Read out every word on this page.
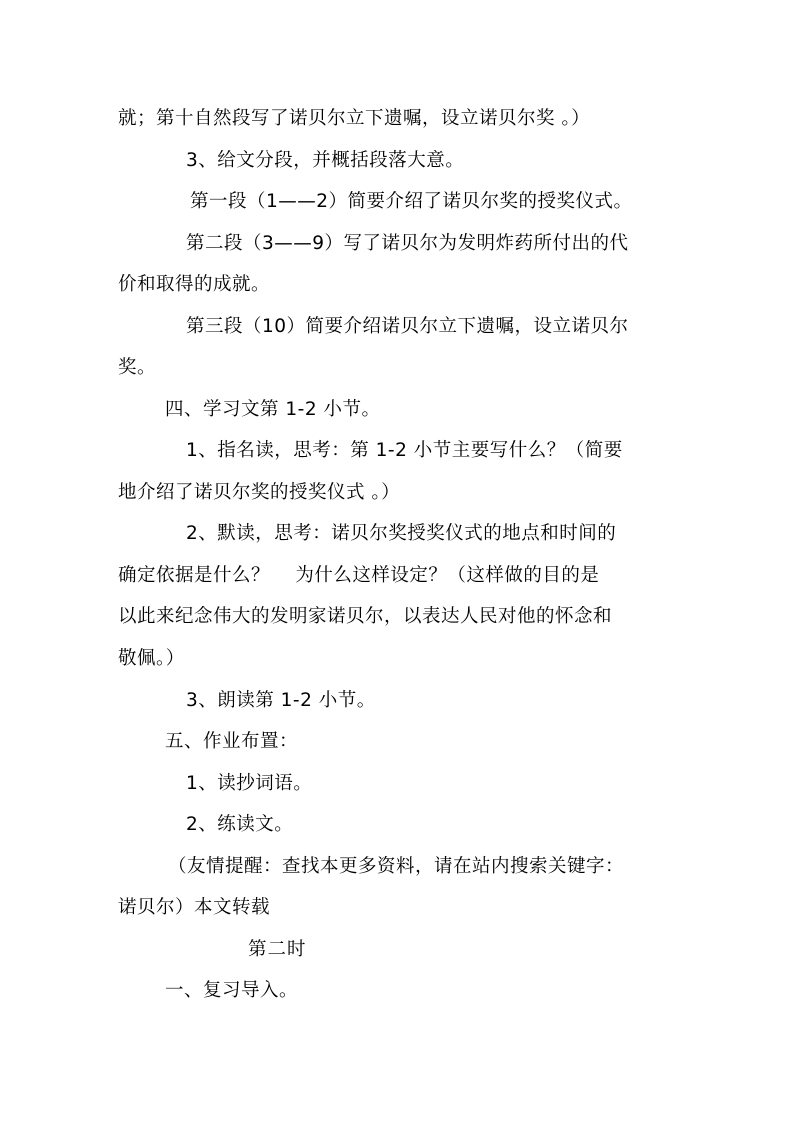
就；第十自然段写了诺贝尔立下遗嘱，设立诺贝尔奖 。）
3、给文分段，并概括段落大意。
第一段（1——2）简要介绍了诺贝尔奖的授奖仪式。
第二段（3——9）写了诺贝尔为发明炸药所付出的代
价和取得的成就。
第三段（10）简要介绍诺贝尔立下遗嘱，设立诺贝尔
奖。
四、学习文第 1-2 小节。
1、指名读，思考：第 1-2 小节主要写什么？（简要
地介绍了诺贝尔奖的授奖仪式 。）
2、默读，思考：诺贝尔奖授奖仪式的地点和时间的
确定依据是什么？　 为什么这样设定？（这样做的目的是
以此来纪念伟大的发明家诺贝尔，以表达人民对他的怀念和
敬佩。）
3、朗读第 1-2 小节。
五、作业布置：
1、读抄词语。
2、练读文。
（友情提醒：查找本更多资料，请在站内搜索关键字：
诺贝尔）本文转载
第二时
一、复习导入。
